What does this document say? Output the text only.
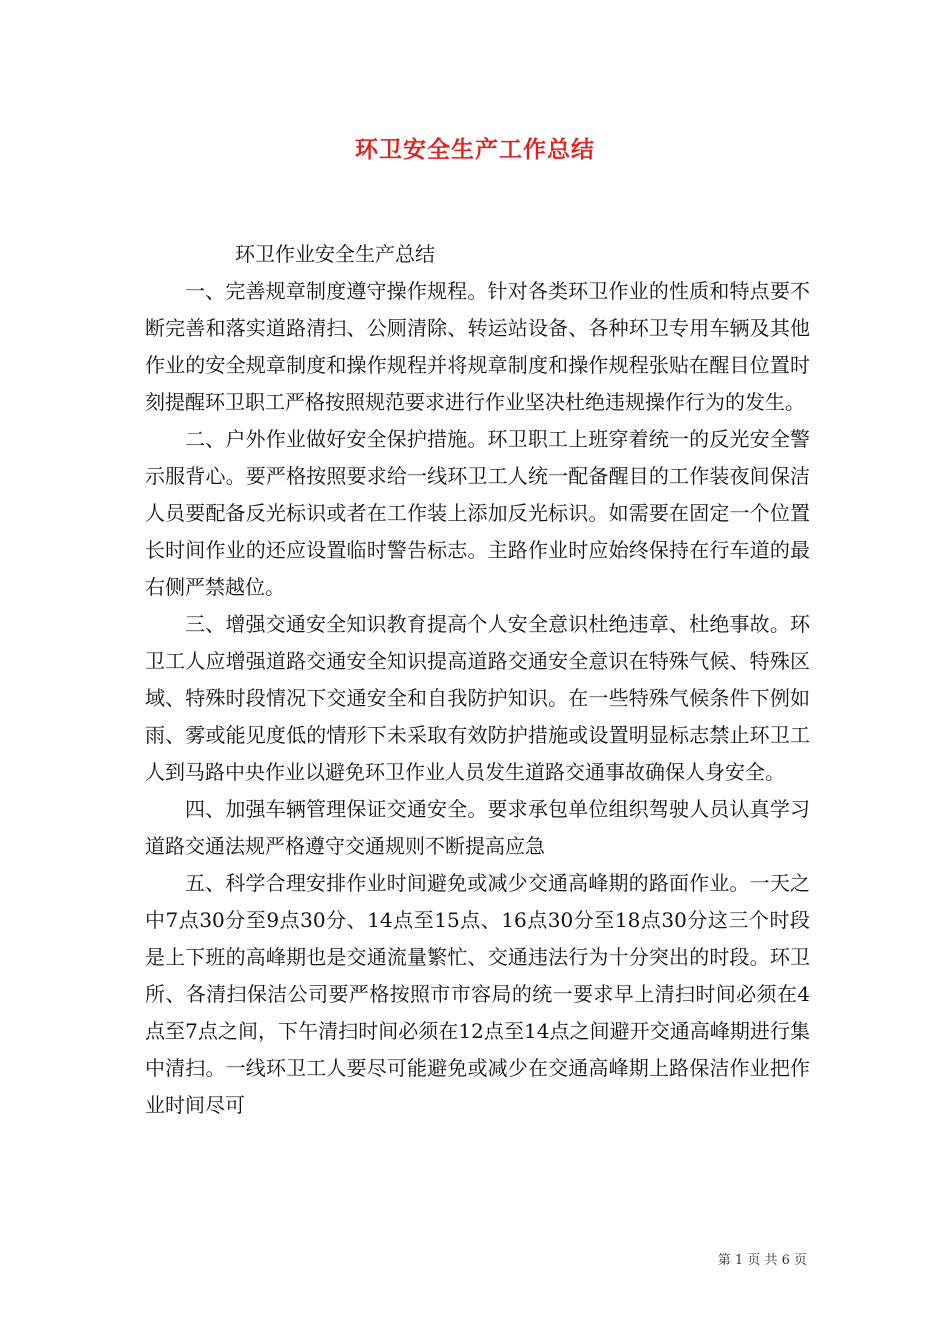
环卫安全生产工作总结

环卫作业安全生产总结

一、完善规章制度遵守操作规程。针对各类环卫作业的性质和特点要不断完善和落实道路清扫、公厕清除、转运站设备、各种环卫专用车辆及其他作业的安全规章制度和操作规程并将规章制度和操作规程张贴在醒目位置时刻提醒环卫职工严格按照规范要求进行作业坚决杜绝违规操作行为的发生。

二、户外作业做好安全保护措施。环卫职工上班穿着统一的反光安全警示服背心。要严格按照要求给一线环卫工人统一配备醒目的工作装夜间保洁人员要配备反光标识或者在工作装上添加反光标识。如需要在固定一个位置长时间作业的还应设置临时警告标志。主路作业时应始终保持在行车道的最右侧严禁越位。

三、增强交通安全知识教育提高个人安全意识杜绝违章、杜绝事故。环卫工人应增强道路交通安全知识提高道路交通安全意识在特殊气候、特殊区域、特殊时段情况下交通安全和自我防护知识。在一些特殊气候条件下例如雨、雾或能见度低的情形下未采取有效防护措施或设置明显标志禁止环卫工人到马路中央作业以避免环卫作业人员发生道路交通事故确保人身安全。

四、加强车辆管理保证交通安全。要求承包单位组织驾驶人员认真学习道路交通法规严格遵守交通规则不断提高应急

五、科学合理安排作业时间避免或减少交通高峰期的路面作业。一天之中7点30分至9点30分、14点至15点、16点30分至18点30分这三个时段是上下班的高峰期也是交通流量繁忙、交通违法行为十分突出的时段。环卫所、各清扫保洁公司要严格按照市市容局的统一要求早上清扫时间必须在4点至7点之间，下午清扫时间必须在12点至14点之间避开交通高峰期进行集中清扫。一线环卫工人要尽可能避免或减少在交通高峰期上路保洁作业把作业时间尽可

第 1 页 共 6 页
